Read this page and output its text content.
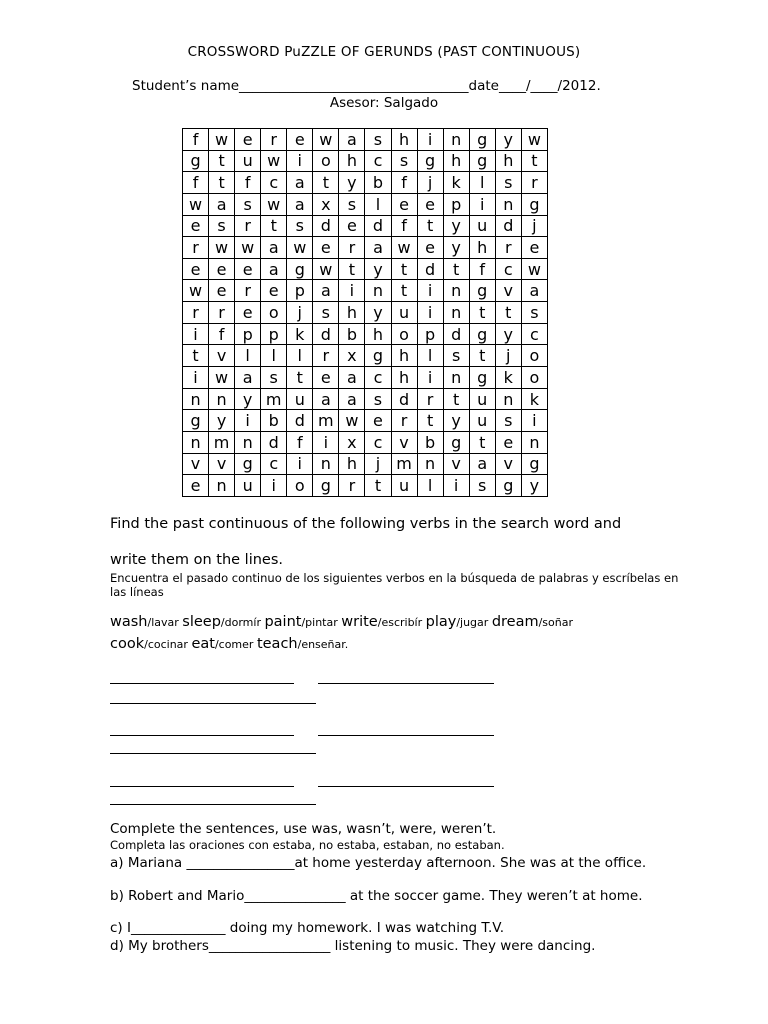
CROSSWORD PuZZLE OF GERUNDS (PAST CONTINUOUS)
Student’s name__________________________________date____/____/2012.
Asesor: Salgado
f	w	e	r	e	w	a	s	h	i	n	g	y	w
g	t	u	w	i	o	h	c	s	g	h	g	h	t
f	t	f	c	a	t	y	b	f	j	k	l	s	r
w	a	s	w	a	x	s	l	e	e	p	i	n	g
e	s	r	t	s	d	e	d	f	t	y	u	d	j
r	w	w	a	w	e	r	a	w	e	y	h	r	e
e	e	e	a	g	w	t	y	t	d	t	f	c	w
w	e	r	e	p	a	i	n	t	i	n	g	v	a
r	r	e	o	j	s	h	y	u	i	n	t	t	s
i	f	p	p	k	d	b	h	o	p	d	g	y	c
t	v	l	l	l	r	x	g	h	l	s	t	j	o
i	w	a	s	t	e	a	c	h	i	n	g	k	o
n	n	y	m	u	a	a	s	d	r	t	u	n	k
g	y	i	b	d	m	w	e	r	t	y	u	s	i
n	m	n	d	f	i	x	c	v	b	g	t	e	n
v	v	g	c	i	n	h	j	m	n	v	a	v	g
e	n	u	i	o	g	r	t	u	l	i	s	g	y
Find the past continuous of the following verbs in the search word and
write them on the lines.
Encuentra el pasado continuo de los siguientes verbos en la búsqueda de palabras y escríbelas en las líneas
wash/lavar sleep/dormír paint/pintar write/escribír play/jugar dream/soñar
cook/cocinar eat/comer teach/enseñar.
Complete the sentences, use was, wasn’t, were, weren’t.
Completa las oraciones con estaba, no estaba, estaban, no estaban.
a) Mariana ________________at home yesterday afternoon. She was at the office.
b) Robert and Mario_______________ at the soccer game. They weren’t at home.
c) I______________ doing my homework. I was watching T.V.
d) My brothers__________________ listening to music. They were dancing.
